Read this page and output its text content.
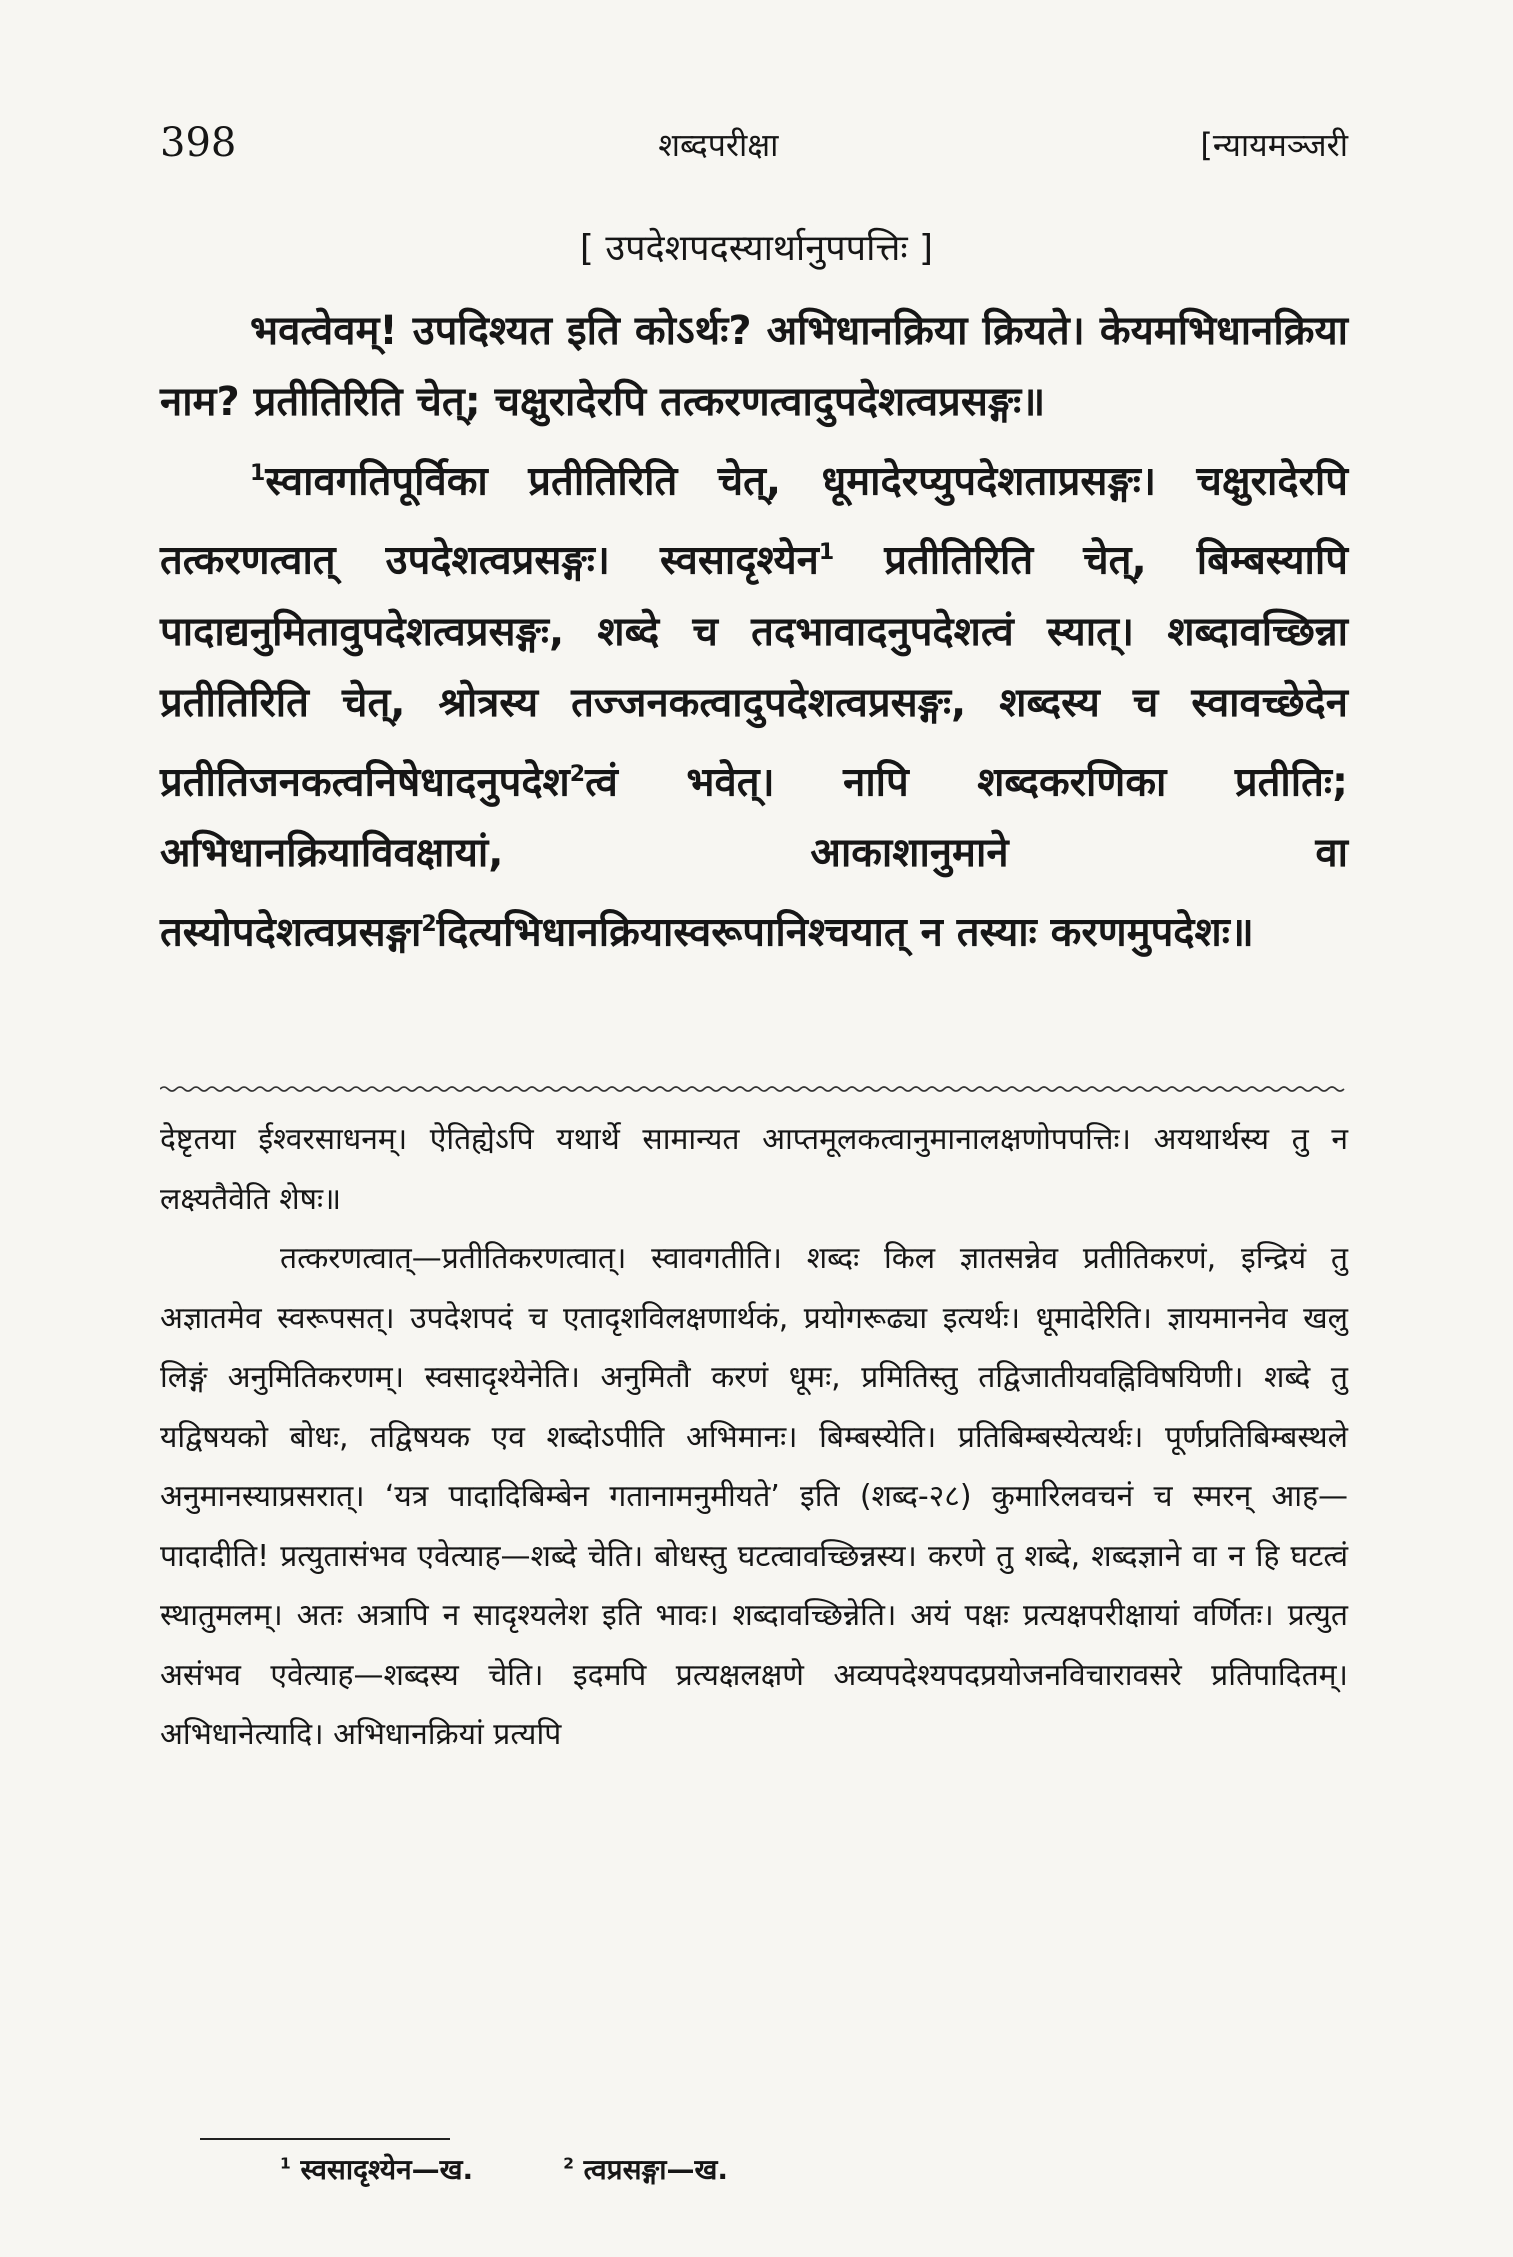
398	शब्दपरीक्षा	[न्यायमञ्जरी
[ उपदेशपदस्यार्थानुपपत्तिः ]

भवत्वेवम्! उपदिश्यत इति कोऽर्थः? अभिधानक्रिया क्रियते। केयमभिधानक्रिया नाम? प्रतीतिरिति चेत्; चक्षुरादेरपि तत्करणत्वादुपदेशत्वप्रसङ्गः॥

$^1$स्वावगतिपूर्विका प्रतीतिरिति चेत्, धूमादेरप्युपदेशताप्रसङ्गः। चक्षुरादेरपि तत्करणत्वात् उपदेशत्वप्रसङ्गः। स्वसादृश्येन$^1$ प्रतीतिरिति चेत्, बिम्बस्यापि पादाद्यनुमितावुपदेशत्वप्रसङ्गः, शब्दे च तदभावादनुपदेशत्वं स्यात्। शब्दावच्छिन्ना प्रतीतिरिति चेत्, श्रोत्रस्य तज्जनकत्वादुपदेशत्वप्रसङ्गः, शब्दस्य च स्वावच्छेदेन प्रतीतिजनकत्वनिषेधादनुपदेश$^2$त्वं भवेत्। नापि शब्दकरणिका प्रतीतिः; अभिधानक्रियाविवक्षायां, आकाशानुमाने वा तस्योपदेशत्वप्रसङ्गा$^2$दित्यभिधानक्रियास्वरूपानिश्चयात् न तस्याः करणमुपदेशः॥

देष्टृतया ईश्वरसाधनम्। ऐतिह्येऽपि यथार्थे सामान्यत आप्तमूलकत्वानुमानालक्षणोपपत्तिः। अयथार्थस्य तु न लक्ष्यतैवेति शेषः॥

तत्करणत्वात्—प्रतीतिकरणत्वात्। स्वावगतीति। शब्दः किल ज्ञातसन्नेव प्रतीतिकरणं, इन्द्रियं तु अज्ञातमेव स्वरूपसत्। उपदेशपदं च एतादृशविलक्षणार्थकं, प्रयोगरूढ्या इत्यर्थः। धूमादेरिति। ज्ञायमाननेव खलु लिङ्गं अनुमितिकरणम्। स्वसादृश्येनेति। अनुमितौ करणं धूमः, प्रमितिस्तु तद्विजातीयवह्निविषयिणी। शब्दे तु यद्विषयको बोधः, तद्विषयक एव शब्दोऽपीति अभिमानः। बिम्बस्येति। प्रतिबिम्बस्येत्यर्थः। पूर्णप्रतिबिम्बस्थले अनुमानस्याप्रसरात्। ‘यत्र पादादिबिम्बेन गतानामनुमीयते’ इति (शब्द-२८) कुमारिलवचनं च स्मरन् आह—पादादीति! प्रत्युतासंभव एवेत्याह—शब्दे चेति। बोधस्तु घटत्वावच्छिन्नस्य। करणे तु शब्दे, शब्दज्ञाने वा न हि घटत्वं स्थातुमलम्। अतः अत्रापि न सादृश्यलेश इति भावः। शब्दावच्छिन्नेति। अयं पक्षः प्रत्यक्षपरीक्षायां वर्णितः। प्रत्युत असंभव एवेत्याह—शब्दस्य चेति। इदमपि प्रत्यक्षलक्षणे अव्यपदेश्यपदप्रयोजनविचारावसरे प्रतिपादितम्। अभिधानेत्यादि। अभिधानक्रियां प्रत्यपि

$^1$ स्वसादृश्येन—ख.	$^2$ त्वप्रसङ्गा—ख.
